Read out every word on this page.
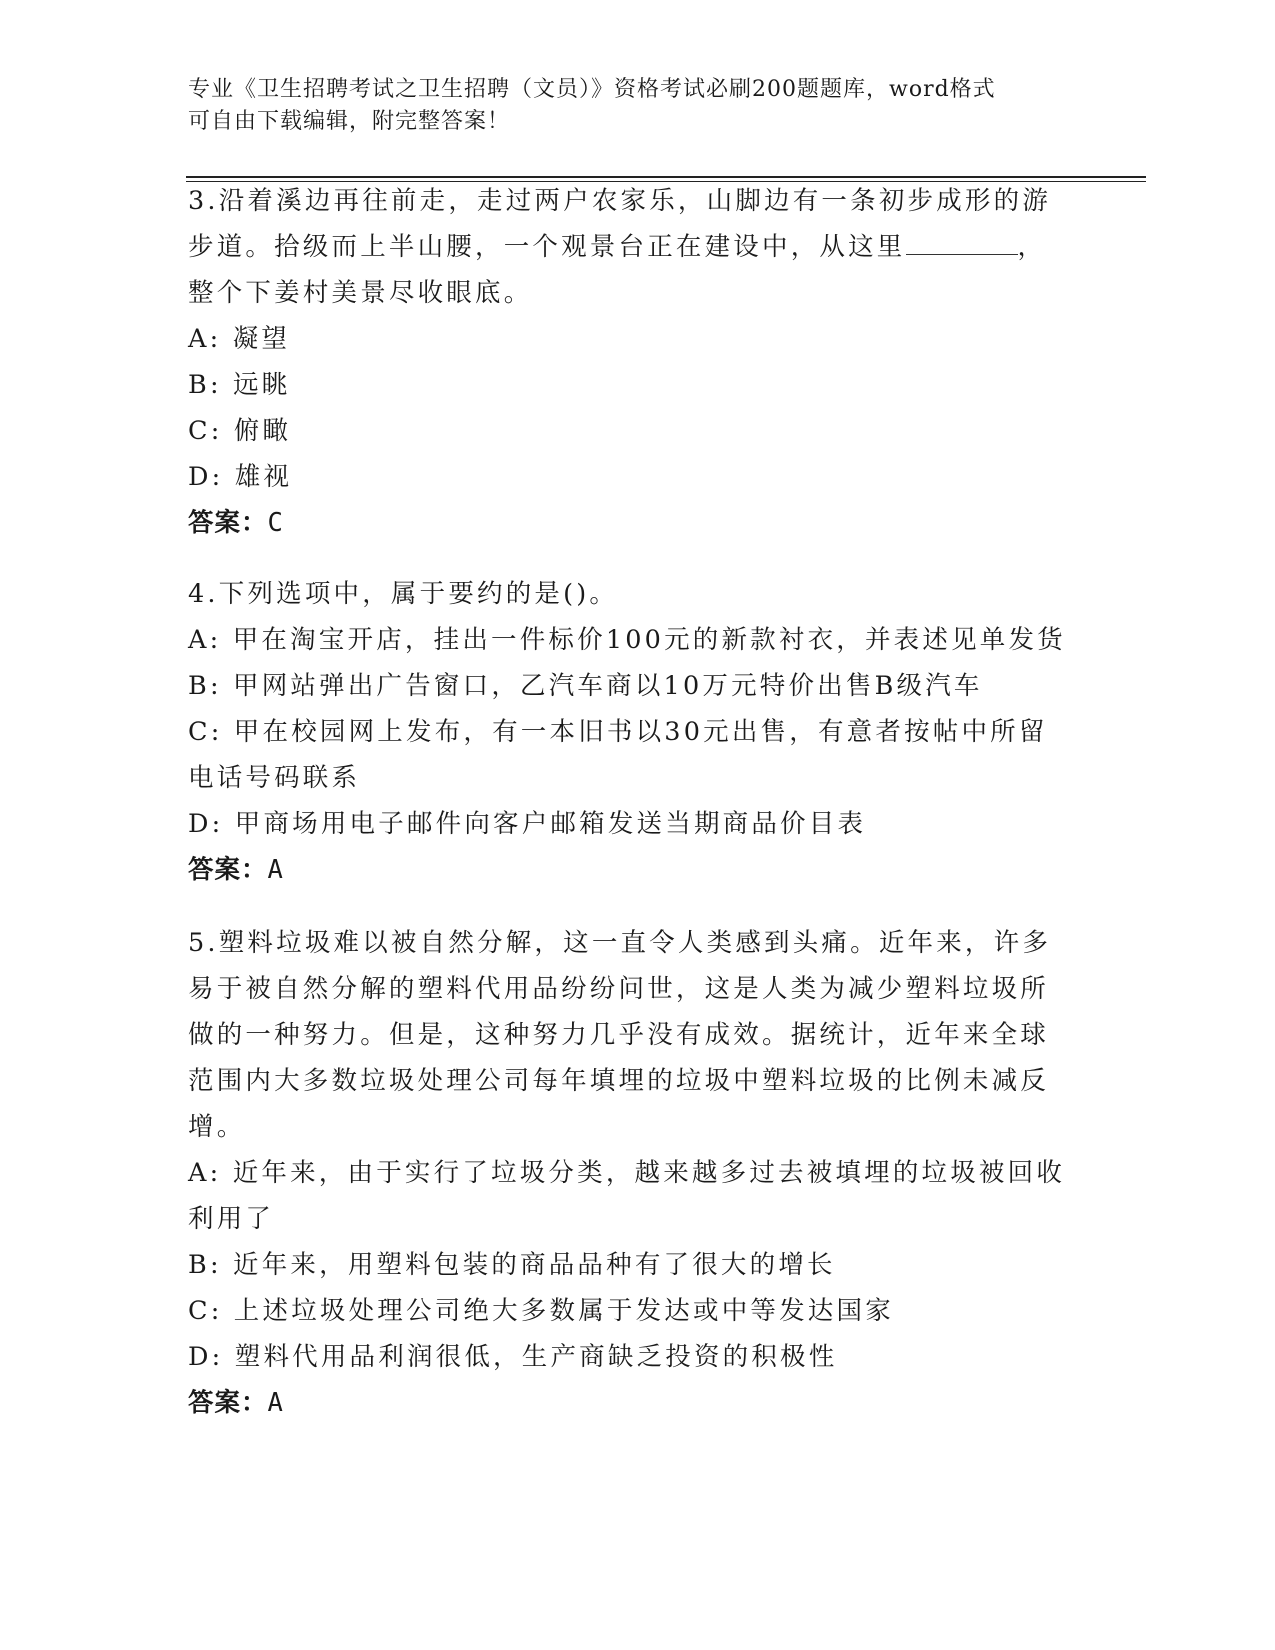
专业《卫生招聘考试之卫生招聘（文员）》资格考试必刷200题题库，word格式
可自由下载编辑，附完整答案！
3.沿着溪边再往前走，走过两户农家乐，山脚边有一条初步成形的游
步道。拾级而上半山腰，一个观景台正在建设中，从这里	，
整个下姜村美景尽收眼底。
A: 凝望
B: 远眺
C: 俯瞰
D: 雄视
答案：C
4.下列选项中，属于要约的是()。
A: 甲在淘宝开店，挂出一件标价100元的新款衬衣，并表述见单发货
B: 甲网站弹出广告窗口，乙汽车商以10万元特价出售B级汽车
C: 甲在校园网上发布，有一本旧书以30元出售，有意者按帖中所留
电话号码联系
D: 甲商场用电子邮件向客户邮箱发送当期商品价目表
答案：A
5.塑料垃圾难以被自然分解，这一直令人类感到头痛。近年来，许多
易于被自然分解的塑料代用品纷纷问世，这是人类为减少塑料垃圾所
做的一种努力。但是，这种努力几乎没有成效。据统计，近年来全球
范围内大多数垃圾处理公司每年填埋的垃圾中塑料垃圾的比例未减反
增。
A: 近年来，由于实行了垃圾分类，越来越多过去被填埋的垃圾被回收
利用了
B: 近年来，用塑料包装的商品品种有了很大的增长
C: 上述垃圾处理公司绝大多数属于发达或中等发达国家
D: 塑料代用品利润很低，生产商缺乏投资的积极性
答案：A
